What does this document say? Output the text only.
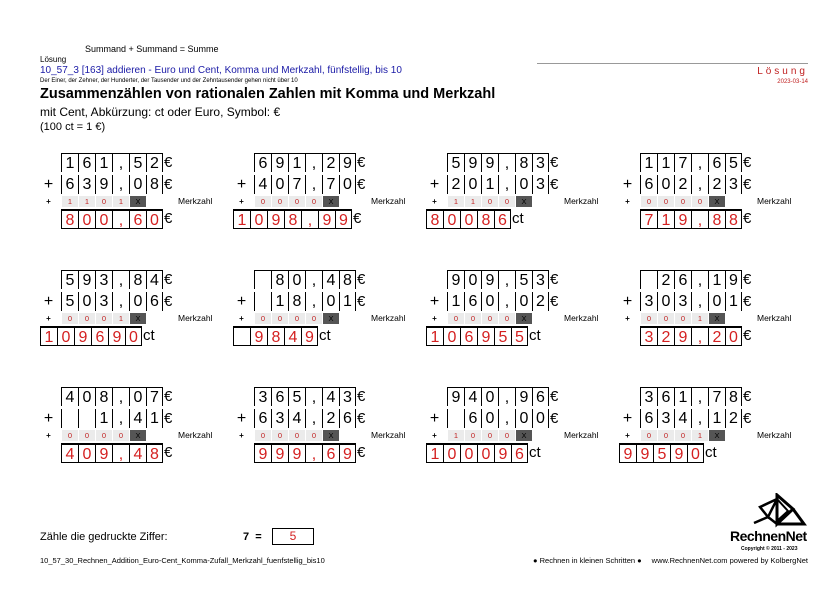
Summand + Summand = Summe
Lösung
10_57_3 [163] addieren - Euro und Cent, Komma und Merkzahl, fünfstellig, bis 10
Der Einer, der Zehner, der Hunderter, der Tausender und der Zehntausender gehen nicht über 10
Zusammenzählen von rationalen Zahlen mit Komma und Merkzahl
mit Cent, Abkürzung: ct oder Euro, Symbol: €
(100 ct = 1 €)
Lösung
2023-03-14
1 6 1 , 5 2 €
6 3 9 , 0 8 €
+
+	1	1	0	1	X	Merkzahl
8 0 0 , 6 0 €
6 9 1 , 2 9 €
4 0 7 , 7 0 €
+
+	0	0	0	0	X	Merkzahl
1 0 9 8 , 9 9 €
5 9 9 , 8 3 €
2 0 1 , 0 3 €
+
+	1	1	0	0	X	Merkzahl
8 0 0 8 6 ct
1 1 7 , 6 5 €
6 0 2 , 2 3 €
+
+	0	0	0	0	X	Merkzahl
7 1 9 , 8 8 €
5 9 3 , 8 4 €
5 0 3 , 0 6 €
+
+	0	0	0	1	X	Merkzahl
1 0 9 6 9 0 ct
8 0 , 4 8 €
1 8 , 0 1 €
+
+	0	0	0	0	X	Merkzahl
9 8 4 9 ct
9 0 9 , 5 3 €
1 6 0 , 0 2 €
+
+	0	0	0	0	X	Merkzahl
1 0 6 9 5 5 ct
2 6 , 1 9 €
3 0 3 , 0 1 €
+
+	0	0	0	1	X	Merkzahl
3 2 9 , 2 0 €
4 0 8 , 0 7 €
1 , 4 1 €
+
+	0	0	0	0	X	Merkzahl
4 0 9 , 4 8 €
3 6 5 , 4 3 €
6 3 4 , 2 6 €
+
+	0	0	0	0	X	Merkzahl
9 9 9 , 6 9 €
9 4 0 , 9 6 €
6 0 , 0 0 €
+
+	1	0	0	0	X	Merkzahl
1 0 0 0 9 6 ct
3 6 1 , 7 8 €
6 3 4 , 1 2 €
+
+	0	0	0	1	X	Merkzahl
9 9 5 9 0 ct
Zähle die gedruckte Ziffer:	7 =	5
10_57_30_Rechnen_Addition_Euro-Cent_Komma-Zufall_Merkzahl_fuenfstellig_bis10	● Rechnen in kleinen Schritten ● www.RechnenNet.com powered by KolbergNet
RechnenNet
Copyright © 2011 - 2023
